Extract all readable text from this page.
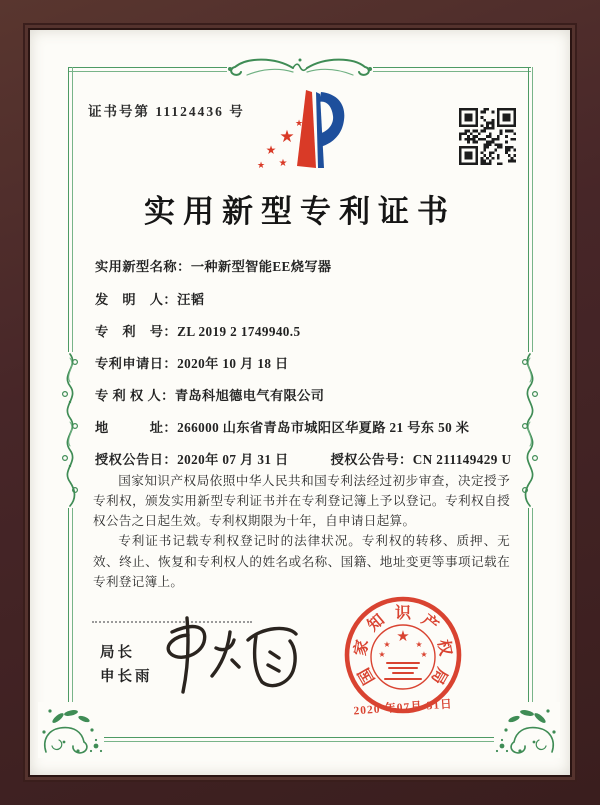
证书号第 11124436 号
★
★
★
★
★
★
实用新型专利证书
实用新型名称：一种新型智能EE烧写器
发　明　人：汪韬
专　利　号：ZL 2019 2 1749940.5
专利申请日：2020年 10 月 18 日
专 利 权 人：青岛科旭德电气有限公司
地　　　址：266000 山东省青岛市城阳区华夏路 21 号东 50 米
授权公告日：2020年 07 月 31 日	授权公告号：CN 211149429 U

国家知识产权局依照中华人民共和国专利法经过初步审查，决定授予专利权，颁发实用新型专利证书并在专利登记簿上予以登记。专利权自授权公告之日起生效。专利权期限为十年，自申请日起算。

专利证书记载专利权登记时的法律状况。专利权的转移、质押、无效、终止、恢复和专利权人的姓名或名称、国籍、地址变更等事项记载在专利登记簿上。

局长
申长雨
★
★	★
★	★
国
家
知 识 产
权
局
2020 年07月 31日
